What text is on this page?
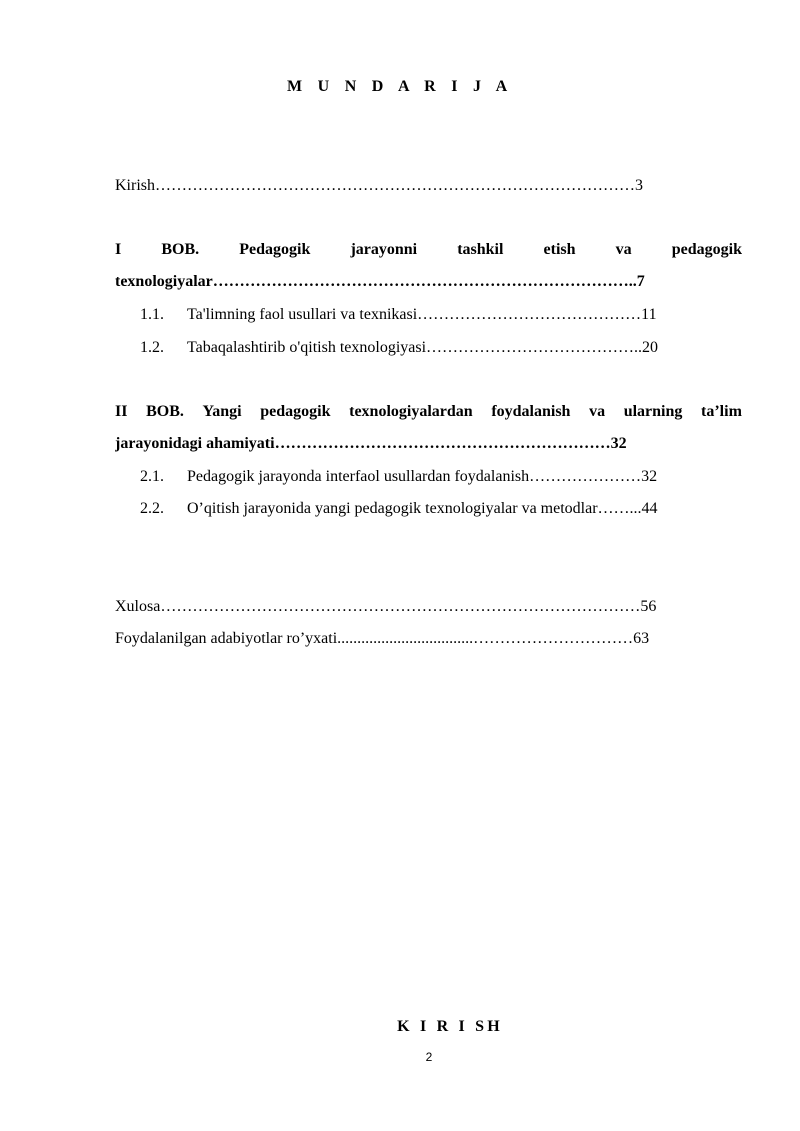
M U N D A R I J A
Kirish………………………………………………………………………………3
I	BOB.	Pedagogik	jarayonni	tashkil	etish	va	pedagogik
texnologiyalar……………………………………………………………………..7
1.1. Ta'limning faol usullari va texnikasi……………………………………11
1.2. Tabaqalashtirib o'qitish texnologiyasi…………………………………..20
II BOB. Yangi pedagogik texnologiyalardan foydalanish va ularning ta’lim
jarayonidagi ahamiyati………………………………………………………32
2.1. Pedagogik jarayonda interfaol usullardan foydalanish…………………32
2.2. O’qitish jarayonida yangi pedagogik texnologiyalar va metodlar……...44
Xulosa………………………………………………………………………………56
Foydalanilgan adabiyotlar ro’yxati..................................…………………………63
K I R I SH
2
